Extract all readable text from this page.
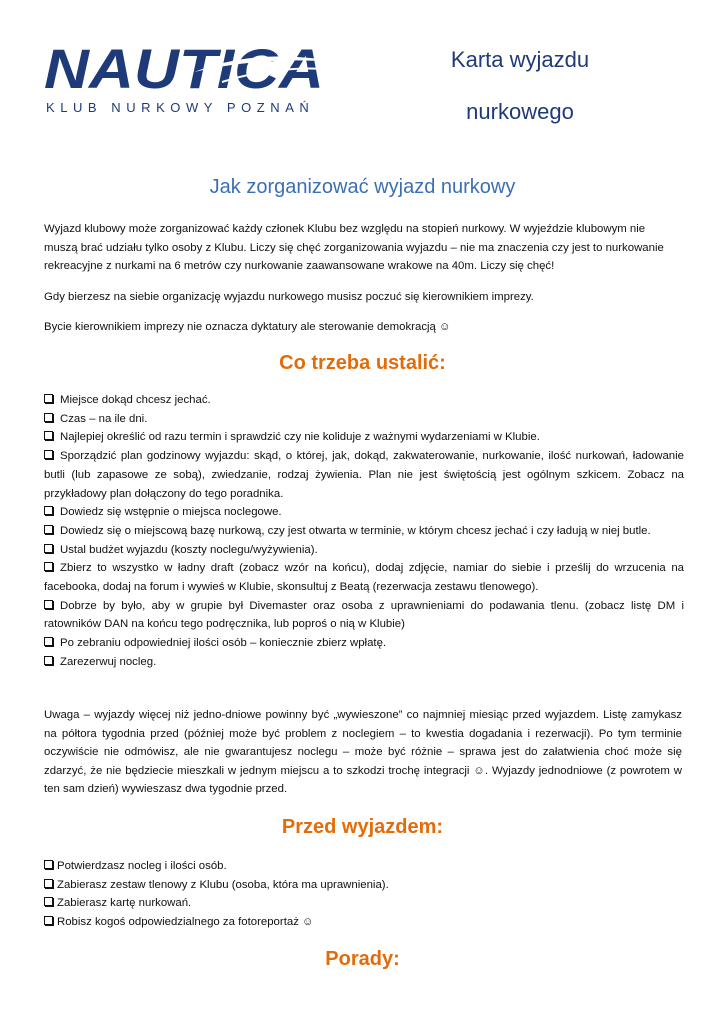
NAUTICA
KLUB NURKOWY POZNAŃ
Karta wyjazdu
nurkowego
Jak zorganizować wyjazd nurkowy

Wyjazd klubowy może zorganizować każdy członek Klubu bez względu na stopień nurkowy. W wyjeździe klubowym nie muszą brać udziału tylko osoby z Klubu. Liczy się chęć zorganizowania wyjazdu – nie ma znaczenia czy jest to nurkowanie rekreacyjne z nurkami na 6 metrów czy nurkowanie zaawansowane wrakowe na 40m. Liczy się chęć!

Gdy bierzesz na siebie organizację wyjazdu nurkowego musisz poczuć się kierownikiem imprezy.

Bycie kierownikiem imprezy nie oznacza dyktatury ale sterowanie demokracją ☺

Co trzeba ustalić:
Miejsce dokąd chcesz jechać.
Czas – na ile dni.
Najlepiej określić od razu termin i sprawdzić czy nie koliduje z ważnymi wydarzeniami w Klubie.
Sporządzić plan godzinowy wyjazdu: skąd, o której, jak, dokąd, zakwaterowanie, nurkowanie, ilość nurkowań, ładowanie butli (lub zapasowe ze sobą), zwiedzanie, rodzaj żywienia. Plan nie jest świętością jest ogólnym szkicem. Zobacz na przykładowy plan dołączony do tego poradnika.
Dowiedz się wstępnie o miejsca noclegowe.
Dowiedz się o miejscową bazę nurkową, czy jest otwarta w terminie, w którym chcesz jechać i czy ładują w niej butle.
Ustal budżet wyjazdu (koszty noclegu/wyżywienia).
Zbierz to wszystko w ładny draft (zobacz wzór na końcu), dodaj zdjęcie, namiar do siebie i prześlij do wrzucenia na facebooka, dodaj na forum i wywieś w Klubie, skonsultuj z Beatą (rezerwacja zestawu tlenowego).
Dobrze by było, aby w grupie był Divemaster oraz osoba z uprawnieniami do podawania tlenu. (zobacz listę DM i ratowników DAN na końcu tego podręcznika, lub poproś o nią w Klubie)
Po zebraniu odpowiedniej ilości osób – koniecznie zbierz wpłatę.
Zarezerwuj nocleg.

Uwaga – wyjazdy więcej niż jedno-dniowe powinny być „wywieszone” co najmniej miesiąc przed wyjazdem. Listę zamykasz na półtora tygodnia przed (później może być problem z noclegiem – to kwestia dogadania i rezerwacji). Po tym terminie oczywiście nie odmówisz, ale nie gwarantujesz noclegu – może być różnie – sprawa jest do załatwienia choć może się zdarzyć, że nie będziecie mieszkali w jednym miejscu a to szkodzi trochę integracji ☺. Wyjazdy jednodniowe (z powrotem w ten sam dzień) wywieszasz dwa tygodnie przed.

Przed wyjazdem:
Potwierdzasz nocleg i ilości osób.
Zabierasz zestaw tlenowy z Klubu (osoba, która ma uprawnienia).
Zabierasz kartę nurkowań.
Robisz kogoś odpowiedzialnego za fotoreportaż ☺
Porady:
